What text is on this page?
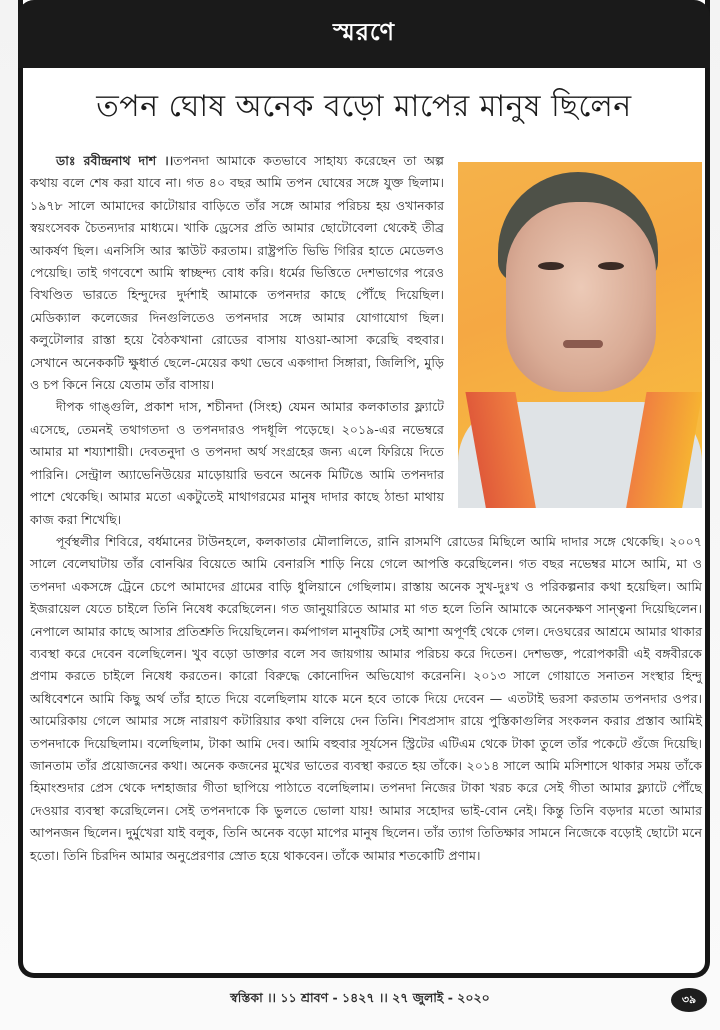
স্মরণে
তপন ঘোষ অনেক বড়ো মাপের মানুষ ছিলেন

ডাঃ রবীন্দ্রনাথ দাশ ।।তপনদা আমাকে কতভাবে সাহায্য করেছেন তা অল্প কথায় বলে শেষ করা যাবে না। গত ৪০ বছর আমি তপন ঘোষের সঙ্গে যুক্ত ছিলাম। ১৯৭৮ সালে আমাদের কাটোয়ার বাড়িতে তাঁর সঙ্গে আমার পরিচয় হয় ওখানকার স্বয়ংসেবক চৈতন্যদার মাধ্যমে। খাকি ড্রেসের প্রতি আমার ছোটোবেলা থেকেই তীব্র আকর্ষণ ছিল। এনসিসি আর স্কাউট করতাম। রাষ্ট্রপতি ভিভি গিরির হাতে মেডেলও পেয়েছি। তাই গণবেশে আমি স্বাচ্ছন্দ্য বোধ করি। ধর্মের ভিত্তিতে দেশভাগের পরেও বিখণ্ডিত ভারতে হিন্দুদের দুর্দশাই আমাকে তপনদার কাছে পৌঁছে দিয়েছিল। মেডিক্যাল কলেজের দিনগুলিতেও তপনদার সঙ্গে আমার যোগাযোগ ছিল। কলুটোলার রাস্তা হয়ে বৈঠকখানা রোডের বাসায় যাওয়া-আসা করেছি বহুবার। সেখানে অনেককটি ক্ষুধার্ত ছেলে-মেয়ের কথা ভেবে একগাদা সিঙ্গারা, জিলিপি, মুড়ি ও চপ কিনে নিয়ে যেতাম তাঁর বাসায়।

দীপক গাঙ্গুলি, প্রকাশ দাস, শচীনদা (সিংহ) যেমন আমার কলকাতার ফ্ল্যাটে এসেছে, তেমনই তথাগতদা ও তপনদারও পদধূলি পড়েছে। ২০১৯-এর নভেম্বরে আমার মা শয্যাশায়ী। দেবতনুদা ও তপনদা অর্থ সংগ্রহের জন্য এলে ফিরিয়ে দিতে পারিনি। সেন্ট্রাল অ্যাভেনিউয়ের মাড়োয়ারি ভবনে অনেক মিটিঙে আমি তপনদার পাশে থেকেছি। আমার মতো একটুতেই মাথাগরমের মানুষ দাদার কাছে ঠান্ডা মাথায় কাজ করা শিখেছি।

পূর্বস্থলীর শিবিরে, বর্ধমানের টাউনহলে, কলকাতার মৌলালিতে, রানি রাসমণি রোডের মিছিলে আমি দাদার সঙ্গে থেকেছি। ২০০৭ সালে বেলেঘাটায় তাঁর বোনঝির বিয়েতে আমি বেনারসি শাড়ি নিয়ে গেলে আপত্তি করেছিলেন। গত বছর নভেম্বর মাসে আমি, মা ও তপনদা একসঙ্গে ট্রেনে চেপে আমাদের গ্রামের বাড়ি ধুলিয়ানে গেছিলাম। রাস্তায় অনেক সুখ-দুঃখ ও পরিকল্পনার কথা হয়েছিল। আমি ইজরায়েল যেতে চাইলে তিনি নিষেধ করেছিলেন। গত জানুয়ারিতে আমার মা গত হলে তিনি আমাকে অনেকক্ষণ সান্ত্বনা দিয়েছিলেন। নেপালে আমার কাছে আসার প্রতিশ্রুতি দিয়েছিলেন। কর্মপাগল মানুষটির সেই আশা অপূর্ণই থেকে গেল। দেওঘরের আশ্রমে আমার থাকার ব্যবস্থা করে দেবেন বলেছিলেন। খুব বড়ো ডাক্তার বলে সব জায়গায় আমার পরিচয় করে দিতেন। দেশভক্ত, পরোপকারী এই বঙ্গবীরকে প্রণাম করতে চাইলে নিষেধ করতেন। কারো বিরুদ্ধে কোনোদিন অভিযোগ করেননি। ২০১৩ সালে গোয়াতে সনাতন সংস্থার হিন্দু অধিবেশনে আমি কিছু অর্থ তাঁর হাতে দিয়ে বলেছিলাম যাকে মনে হবে তাকে দিয়ে দেবেন — এতটাই ভরসা করতাম তপনদার ওপর। আমেরিকায় গেলে আমার সঙ্গে নারায়ণ কটারিয়ার কথা বলিয়ে দেন তিনি। শিবপ্রসাদ রায়ে পুস্তিকাগুলির সংকলন করার প্রস্তাব আমিই তপনদাকে দিয়েছিলাম। বলেছিলাম, টাকা আমি দেব। আমি বহুবার সূর্যসেন স্ট্রিটের এটিএম থেকে টাকা তুলে তাঁর পকেটে গুঁজে দিয়েছি। জানতাম তাঁর প্রয়োজনের কথা। অনেক কজনের মুখের ভাতের ব্যবস্থা করতে হয় তাঁকে। ২০১৪ সালে আমি মসিশাসে থাকার সময় তাঁকে হিমাংশুদার প্রেস থেকে দশহাজার গীতা ছাপিয়ে পাঠাতে বলেছিলাম। তপনদা নিজের টাকা খরচ করে সেই গীতা আমার ফ্ল্যাটে পৌঁছে দেওয়ার ব্যবস্থা করেছিলেন। সেই তপনদাকে কি ভুলতে ভোলা যায়! আমার সহোদর ভাই-বোন নেই। কিন্তু তিনি বড়দার মতো আমার আপনজন ছিলেন। দুর্মুখেরা যাই বলুক, তিনি অনেক বড়ো মাপের মানুষ ছিলেন। তাঁর ত্যাগ তিতিক্ষার সামনে নিজেকে বড়োই ছোটো মনে হতো। তিনি চিরদিন আমার অনুপ্রেরণার স্রোত হয়ে থাকবেন। তাঁকে আমার শতকোটি প্রণাম।

স্বস্তিকা ।। ১১ শ্রাবণ - ১৪২৭ ।। ২৭ জুলাই - ২০২০	৩৯
